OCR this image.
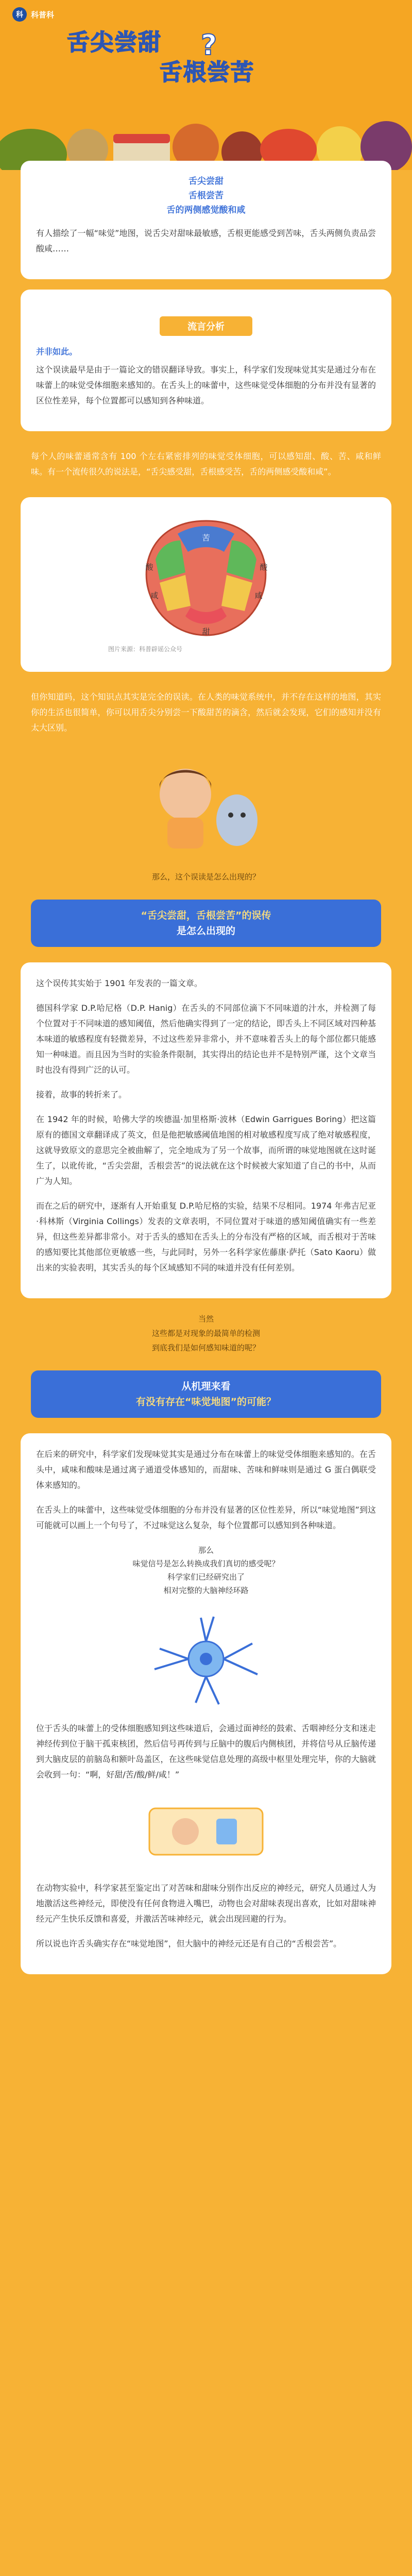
科	科普科
舌尖尝甜 ?
舌根尝苦
舌尖尝甜
舌根尝苦
舌的两侧感觉酸和咸

有人描绘了一幅“味觉”地图，说舌尖对甜味最敏感，舌根更能感受到苦味，舌头两侧负责品尝酸咸……

流言分析
并非如此。

这个误读最早是由于一篇论文的错误翻译导致。事实上，科学家们发现味觉其实是通过分布在味蕾上的味觉受体细胞来感知的。在舌头上的味蕾中，这些味觉受体细胞的分布并没有显著的区位性差异，每个位置都可以感知到各种味道。

每个人的味蕾通常含有 100 个左右紧密排列的味觉受体细胞，可以感知甜、酸、苦、咸和鲜味。有一个流传很久的说法是，“舌尖感受甜，舌根感受苦，舌的两侧感受酸和咸”。
苦
酸	酸
咸	咸
甜
图片来源：科普辟谣公众号
但你知道吗，这个知识点其实是完全的误读。在人类的味觉系统中，并不存在这样的地图，其实你的生活也很简单，你可以用舌尖分别尝一下酸甜苦的滴含，然后就会发现，它们的感知并没有太大区别。
那么，这个误读是怎么出现的？
“舌尖尝甜，舌根尝苦”的误传
是怎么出现的

这个误传其实始于 1901 年发表的一篇文章。

德国科学家 D.P.哈尼格（D.P. Hanig）在舌头的不同部位滴下不同味道的汁水，并检测了每个位置对于不同味道的感知阈值，然后他确实得到了一定的结论，即舌头上不同区域对四种基本味道的敏感程度有轻微差异，不过这些差异非常小，并不意味着舌头上的每个部位都只能感知一种味道。而且因为当时的实验条件限制，其实得出的结论也并不是特别严谨，这个文章当时也没有得到广泛的认可。

接着，故事的转折来了。

在 1942 年的时候，哈佛大学的埃德温·加里格斯·波林（Edwin Garrigues Boring）把这篇原有的德国文章翻译成了英文，但是他把敏感阈值地图的相对敏感程度写成了绝对敏感程度，这就导致原文的意思完全被曲解了，完全地成为了另一个故事，而所谓的味觉地图就在这时诞生了，以讹传讹，“舌尖尝甜，舌根尝苦”的说法就在这个时候被大家知道了自己的书中，从而广为人知。

而在之后的研究中，逐渐有人开始重复 D.P.哈尼格的实验，结果不尽相同。1974 年弗吉尼亚·科林斯（Virginia Collings）发表的文章表明，不同位置对于味道的感知阈值确实有一些差异，但这些差异都非常小。对于舌头的感知在舌头上的分布没有严格的区域，而舌根对于苦味的感知要比其他部位更敏感一些，与此同时，另外一名科学家佐藤康·萨托（Sato Kaoru）做出来的实验表明，其实舌头的每个区域感知不同的味道并没有任何差别。

当然
这些都是对现象的最简单的检测
到底我们是如何感知味道的呢？
从机理来看
有没有存在“味觉地图”的可能？

在后来的研究中，科学家们发现味觉其实是通过分布在味蕾上的味觉受体细胞来感知的。在舌头中，咸味和酸味是通过离子通道受体感知的，而甜味、苦味和鲜味则是通过 G 蛋白偶联受体来感知的。

在舌头上的味蕾中，这些味觉受体细胞的分布并没有显著的区位性差异，所以“味觉地图”到这可能就可以画上一个句号了，不过味觉这么复杂，每个位置都可以感知到各种味道。

那么
味觉信号是怎么转换成我们真切的感受呢？
科学家们已经研究出了
相对完整的大脑神经环路

位于舌头的味蕾上的受体细胞感知到这些味道后，会通过面神经的鼓索、舌咽神经分支和迷走神经传到位于脑干孤束核团，然后信号再传到与丘脑中的腹后内侧核团，并将信号从丘脑传递到大脑皮层的前脑岛和额叶岛盖区，在这些味觉信息处理的高级中枢里处理完毕，你的大脑就会收到一句：“啊，好甜/苦/酸/鲜/咸！”

在动物实验中，科学家甚至鉴定出了对苦味和甜味分别作出反应的神经元，研究人员通过人为地激活这些神经元，即使没有任何食物进入嘴巴，动物也会对甜味表现出喜欢，比如对甜味神经元产生快乐反馈和喜爱，并激活苦味神经元，就会出现回避的行为。

所以说也许舌头确实存在“味觉地图”，但大脑中的神经元还是有自己的“舌根尝苦”。
